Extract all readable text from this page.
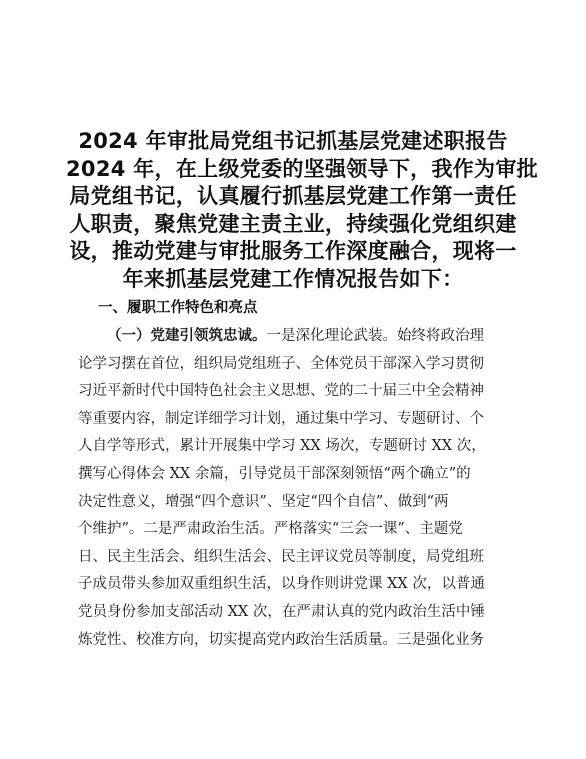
2024 年审批局党组书记抓基层党建述职报告
2024 年，在上级党委的坚强领导下，我作为审批
局党组书记，认真履行抓基层党建工作第一责任
人职责，聚焦党建主责主业，持续强化党组织建
设，推动党建与审批服务工作深度融合，现将一
年来抓基层党建工作情况报告如下：
一、履职工作特色和亮点
（一）党建引领筑忠诚。一是深化理论武装。始终将政治理
论学习摆在首位，组织局党组班子、全体党员干部深入学习贯彻
习近平新时代中国特色社会主义思想、党的二十届三中全会精神
等重要内容，制定详细学习计划，通过集中学习、专题研讨、个
人自学等形式，累计开展集中学习 XX 场次，专题研讨 XX 次，
撰写心得体会 XX 余篇，引导党员干部深刻领悟“两个确立”的
决定性意义，增强“四个意识”、坚定“四个自信”、做到“两
个维护”。二是严肃政治生活。严格落实“三会一课”、主题党
日、民主生活会、组织生活会、民主评议党员等制度，局党组班
子成员带头参加双重组织生活，以身作则讲党课 XX 次，以普通
党员身份参加支部活动 XX 次，在严肃认真的党内政治生活中锤
炼党性、校准方向，切实提高党内政治生活质量。三是强化业务
